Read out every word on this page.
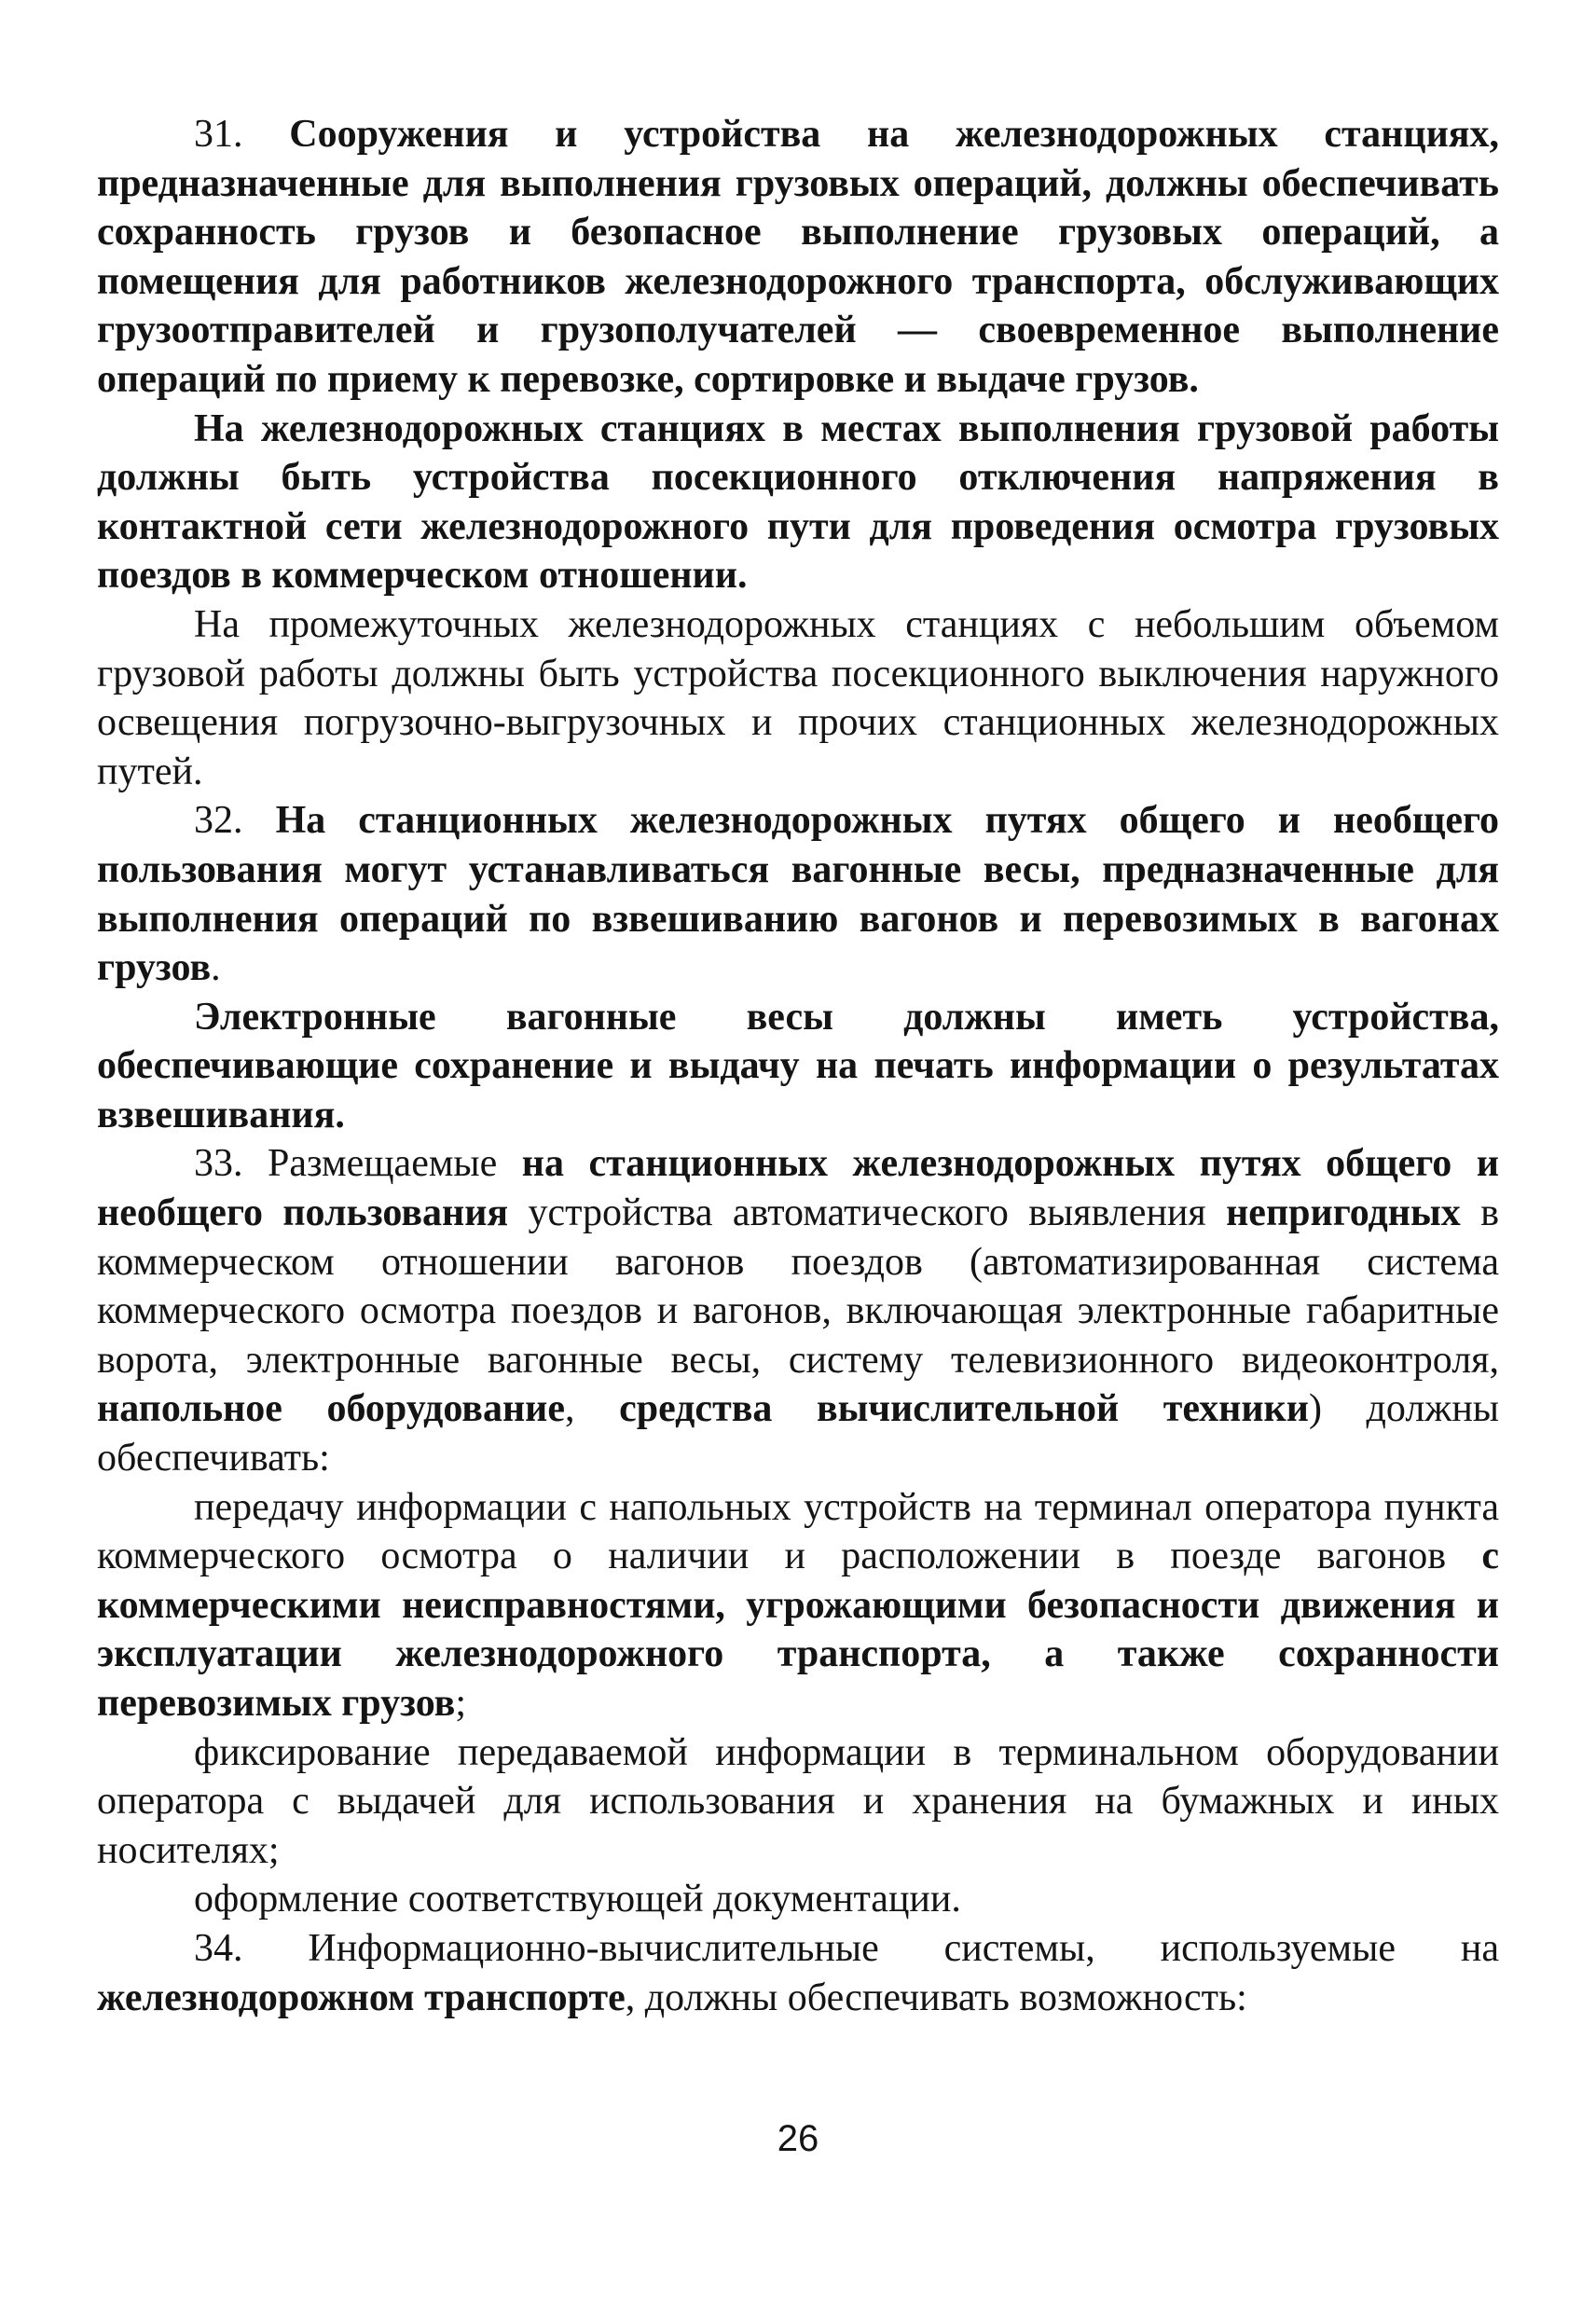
31. Сооружения и устройства на железнодорожных станциях, предназначенные для выполнения грузовых операций, должны обеспечивать сохранность грузов и безопасное выполнение грузовых операций, а помещения для работников железнодорожного транспорта, обслуживающих грузоотправителей и грузополучателей — своевременное выполнение операций по приему к перевозке, сортировке и выдаче грузов.

На железнодорожных станциях в местах выполнения грузовой работы должны быть устройства посекционного отключения напряжения в контактной сети железнодорожного пути для проведения осмотра грузовых поездов в коммерческом отношении.

На промежуточных железнодорожных станциях с небольшим объемом грузовой работы должны быть устройства посекционного выключения наружного освещения погрузочно-выгрузочных и прочих станционных железнодорожных путей.

32. На станционных железнодорожных путях общего и необщего пользования могут устанавливаться вагонные весы, предназначенные для выполнения операций по взвешиванию вагонов и перевозимых в вагонах грузов.

Электронные вагонные весы должны иметь устройства, обеспечивающие сохранение и выдачу на печать информации о результатах взвешивания.

33. Размещаемые на станционных железнодорожных путях общего и необщего пользования устройства автоматического выявления непригодных в коммерческом отношении вагонов поездов (автоматизированная система коммерческого осмотра поездов и вагонов, включающая электронные габаритные ворота, электронные вагонные весы, систему телевизионного видеоконтроля, напольное оборудование, средства вычислительной техники) должны обеспечивать:

передачу информации с напольных устройств на терминал оператора пункта коммерческого осмотра о наличии и расположении в поезде вагонов с коммерческими неисправностями, угрожающими безопасности движения и эксплуатации железнодорожного транспорта, а также сохранности перевозимых грузов;

фиксирование передаваемой информации в терминальном оборудовании оператора с выдачей для использования и хранения на бумажных и иных носителях;

оформление соответствующей документации.

34. Информационно-вычислительные системы, используемые на железнодорожном транспорте, должны обеспечивать возможность:

26
